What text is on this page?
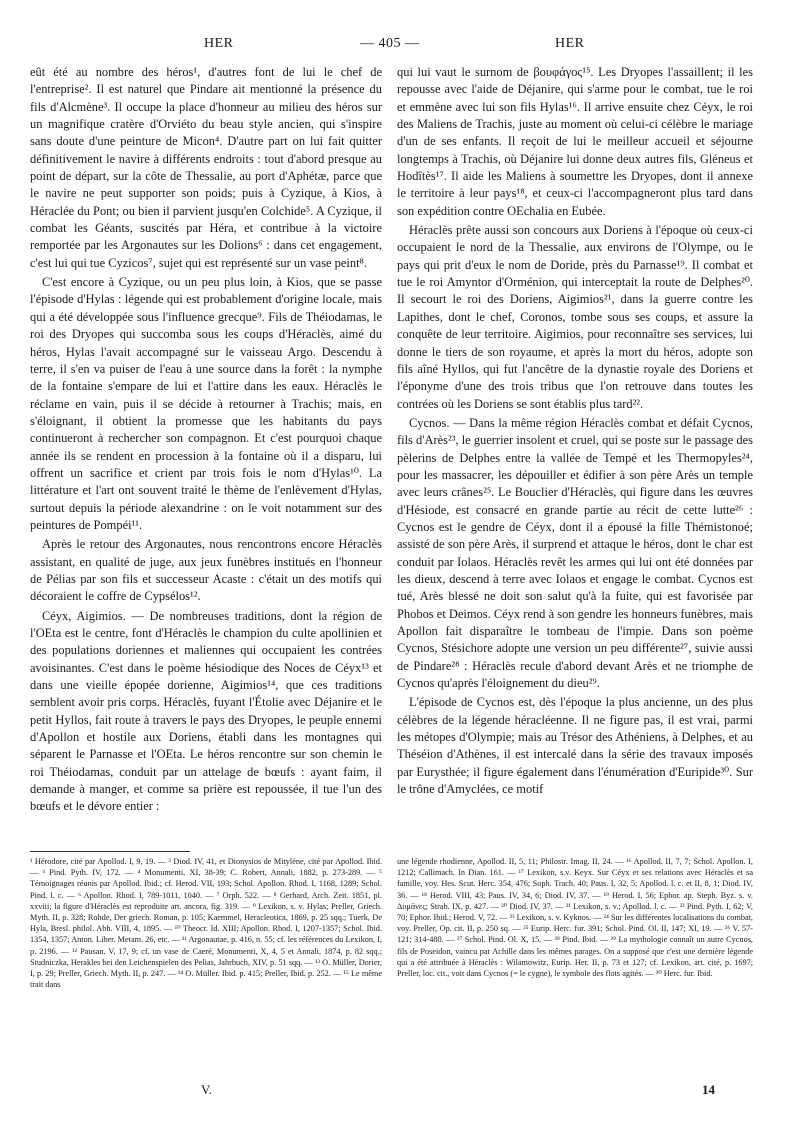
HER	— 405 —	HER

eût été au nombre des héros¹, d'autres font de lui le chef de l'entreprise². Il est naturel que Pindare ait mentionné la présence du fils d'Alcmène³. Il occupe la place d'honneur au milieu des héros sur un magnifique cratère d'Orviéto du beau style ancien, qui s'inspire sans doute d'une peinture de Micon⁴. D'autre part on lui fait quitter définitivement le navire à différents endroits : tout d'abord presque au point de départ, sur la côte de Thessalie, au port d'Aphétæ, parce que le navire ne peut supporter son poids; puis à Cyzique, à Kios, à Héraclée du Pont; ou bien il parvient jusqu'en Colchide⁵. A Cyzique, il combat les Géants, suscités par Héra, et contribue à la victoire remportée par les Argonautes sur les Dolions⁶ : dans cet engagement, c'est lui qui tue Cyzicos⁷, sujet qui est représenté sur un vase peint⁸.

C'est encore à Cyzique, ou un peu plus loin, à Kios, que se passe l'épisode d'Hylas : légende qui est probablement d'origine locale, mais qui a été développée sous l'influence grecque⁹. Fils de Théiodamas, le roi des Dryopes qui succomba sous les coups d'Héraclès, aimé du héros, Hylas l'avait accompagné sur le vaisseau Argo. Descendu à terre, il s'en va puiser de l'eau à une source dans la forêt : la nymphe de la fontaine s'empare de lui et l'attire dans les eaux. Héraclès le réclame en vain, puis il se décide à retourner à Trachis; mais, en s'éloignant, il obtient la promesse que les habitants du pays continueront à rechercher son compagnon. Et c'est pourquoi chaque année ils se rendent en procession à la fontaine où il a disparu, lui offrent un sacrifice et crient par trois fois le nom d'Hylas¹⁰. La littérature et l'art ont souvent traité le thème de l'enlèvement d'Hylas, surtout depuis la période alexandrine : on le voit notamment sur des peintures de Pompéi¹¹.

Après le retour des Argonautes, nous rencontrons encore Héraclès assistant, en qualité de juge, aux jeux funèbres institués en l'honneur de Pélias par son fils et successeur Acaste : c'était un des motifs qui décoraient le coffre de Cypsélos¹².

Céyx, Aigimios. — De nombreuses traditions, dont la région de l'OEta est le centre, font d'Héraclès le champion du culte apollinien et des populations doriennes et maliennes qui occupaient les contrées avoisinantes. C'est dans le poème hésiodique des Noces de Céyx¹³ et dans une vieille épopée dorienne, Aigimios¹⁴, que ces traditions semblent avoir pris corps. Héraclès, fuyant l'Étolie avec Déjanire et le petit Hyllos, fait route à travers le pays des Dryopes, le peuple ennemi d'Apollon et hostile aux Doriens, établi dans les montagnes qui séparent le Parnasse et l'OEta. Le héros rencontre sur son chemin le roi Théiodamas, conduit par un attelage de bœufs : ayant faim, il demande à manger, et comme sa prière est repoussée, il tue l'un des bœufs et le dévore entier :

qui lui vaut le surnom de βουφάγος¹⁵. Les Dryopes l'assaillent; il les repousse avec l'aide de Déjanire, qui s'arme pour le combat, tue le roi et emmène avec lui son fils Hylas¹⁶. Il arrive ensuite chez Céyx, le roi des Maliens de Trachis, juste au moment où celui-ci célèbre le mariage d'un de ses enfants. Il reçoit de lui le meilleur accueil et séjourne longtemps à Trachis, où Déjanire lui donne deux autres fils, Gléneus et Hodîtès¹⁷. Il aide les Maliens à soumettre les Dryopes, dont il annexe le territoire à leur pays¹⁸, et ceux-ci l'accompagneront plus tard dans son expédition contre OEchalia en Eubée.

Héraclès prête aussi son concours aux Doriens à l'époque où ceux-ci occupaient le nord de la Thessalie, aux environs de l'Olympe, ou le pays qui prit d'eux le nom de Doride, près du Parnasse¹⁹. Il combat et tue le roi Amyntor d'Orménion, qui interceptait la route de Delphes²⁰. Il secourt le roi des Doriens, Aigimios²¹, dans la guerre contre les Lapithes, dont le chef, Coronos, tombe sous ses coups, et assure la conquête de leur territoire. Aigimios, pour reconnaître ses services, lui donne le tiers de son royaume, et après la mort du héros, adopte son fils aîné Hyllos, qui fut l'ancêtre de la dynastie royale des Doriens et l'éponyme d'une des trois tribus que l'on retrouve dans toutes les contrées où les Doriens se sont établis plus tard²².

Cycnos. — Dans la même région Héraclès combat et défait Cycnos, fils d'Arès²³, le guerrier insolent et cruel, qui se poste sur le passage des pèlerins de Delphes entre la vallée de Tempé et les Thermopyles²⁴, pour les massacrer, les dépouiller et édifier à son père Arès un temple avec leurs crânes²⁵. Le Bouclier d'Héraclès, qui figure dans les œuvres d'Hésiode, est consacré en grande partie au récit de cette lutte²⁶ : Cycnos est le gendre de Céyx, dont il a épousé la fille Thémistonoé; assisté de son père Arès, il surprend et attaque le héros, dont le char est conduit par Iolaos. Héraclès revêt les armes qui lui ont été données par les dieux, descend à terre avec Iolaos et engage le combat. Cycnos est tué, Arès blessé ne doit son salut qu'à la fuite, qui est favorisée par Phobos et Deimos. Céyx rend à son gendre les honneurs funèbres, mais Apollon fait disparaître le tombeau de l'impie. Dans son poème Cycnos, Stésichore adopte une version un peu différente²⁷, suivie aussi de Pindare²⁸ : Héraclès recule d'abord devant Arès et ne triomphe de Cycnos qu'après l'éloignement du dieu²⁹.

L'épisode de Cycnos est, dès l'époque la plus ancienne, un des plus célèbres de la légende héracléenne. Il ne figure pas, il est vrai, parmi les métopes d'Olympie; mais au Trésor des Athéniens, à Delphes, et au Théséion d'Athènes, il est intercalé dans la série des travaux imposés par Eurysthée; il figure également dans l'énumération d'Euripide³⁰. Sur le trône d'Amyclées, ce motif

¹ Hérodore, cité par Apollod. I, 9, 19. — ² Diod. IV, 41, et Dionysios de Mitylène, cité par Apollod. Ibid. — ³ Pind. Pyth. IV, 172. — ⁴ Monumenti, XI, 38-39; C. Robert, Annali, 1882, p. 273-289. — ⁵ Témoignages réunis par Apollod. Ibid.; cf. Herod. VII, 193; Schol. Apollon. Rhod. I, 1168, 1289; Schol. Pind. l. c. — ⁶ Apollon. Rhod. I, 789-1011, 1040. — ⁷ Orph. 522. — ⁸ Gerhard, Arch. Zeit. 1851, pl. xxviii; la figure d'Héraclès est reproduite art. ancora, fig. 319. — ⁹ Lexikon, s. v. Hylas; Preller, Griech. Myth. II, p. 328; Rohde, Der griech. Roman, p. 105; Kaemmel, Heracleotica, 1869, p. 25 sqq.; Tuerk, De Hyla, Bresl. philol. Abh. VIII, 4, 1895. — ¹⁰ Theocr. Id. XIII; Apollon. Rhod. I, 1207-1357; Schol. Ibid. 1354, 1357; Anton. Liber. Metam. 26, etc. — ¹¹ Argonautae, p. 416, n. 55; cf. les références du Lexikon, I, p. 2196. — ¹² Pausan. V, 17, 9; cf. un vase de Caeré, Monumenti, X, 4, 5 et Annali, 1874, p. 82 sqq.; Studniczka, Herakles bei den Leichenspielen des Pelias, Jahrbuch, XIV, p. 51 sqq. — ¹³ O. Müller, Dorier, I, p. 29; Preller, Griech. Myth. II, p. 247. — ¹⁴ O. Müller. Ibid. p. 415; Preller, Ibid. p. 252. — ¹⁵ Le même trait dans
une légende rhodienne, Apollod. II, 5, 11; Philostr. Imag. II, 24. — ¹⁶ Apollod. II, 7, 7; Schol. Apollon. I, 1212; Callimach. In Dian. 161. — ¹⁷ Lexikon, s.v. Keyx. Sur Céyx et ses relations avec Héraclès et sa famille, voy. Hes. Scut. Herc. 354, 476; Soph. Trach. 40; Paus. I, 32, 5; Apollod. l. c. et II, 8, 1; Diod. IV, 36. — ¹⁸ Herod. VIII, 43; Paus. IV, 34, 6; Diod. IV, 37. — ¹⁹ Herod. I, 56; Ephor. ap. Steph. Byz. s. v. Δυμᾶνες; Strab. IX, p. 427. — ²⁰ Diod. IV, 37. — ²¹ Lexikon, s. v.; Apollod. l. c. — ²² Pind. Pyth. I, 62; V, 70; Ephor. Ibid.; Herod. V, 72. — ²³ Lexikon, s. v. Kyknos. — ²⁴ Sur les différentes localisations du combat, voy. Preller, Op. cit. II, p. 250 sq. — ²⁵ Eurip. Herc. fur. 391; Schol. Pind. Ol. II, 147; XI, 19. — ²⁶ V. 57-121; 314-480. — ²⁷ Schol. Pind. Ol. X, 15. — ²⁸ Pind. Ibid. — ²⁹ La mythologie connaît un autre Cycnos, fils de Poseidon, vaincu par Achille dans les mêmes parages. On a supposé que c'est une dernière légende qui a été attribuée à Héraclès : Wilamowitz, Eurip. Her. II, p. 73 et 127; cf. Lexikon, art. cité, p. 1697; Preller, loc. cit., voit dans Cycnos (= le cygne), le symbole des flots agités. — ³⁰ Herc. fur. Ibid.
V.	14
